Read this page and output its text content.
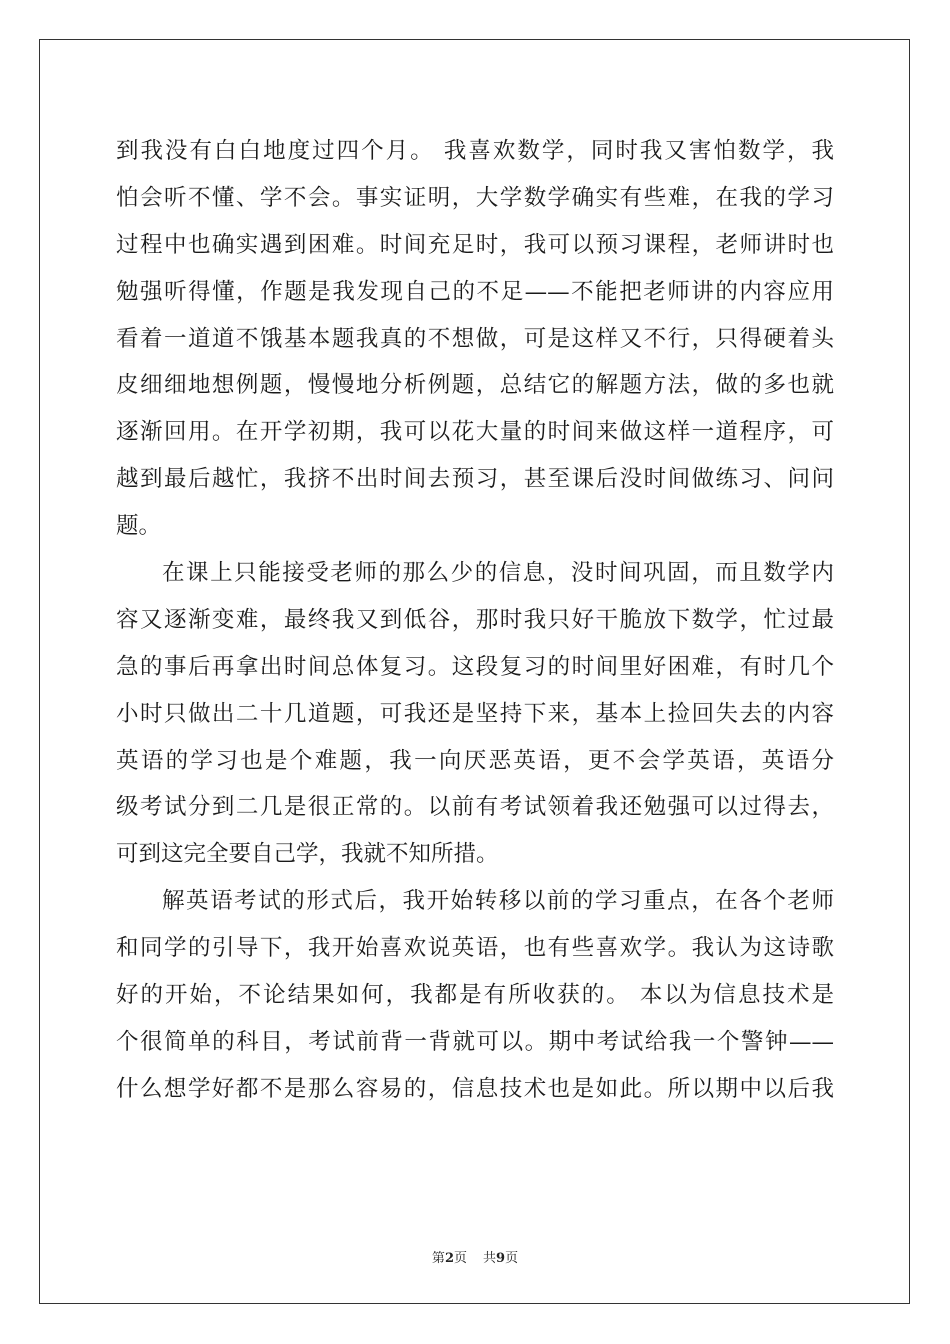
到我没有白白地度过四个月。 我喜欢数学，同时我又害怕数学，我
怕会听不懂、学不会。事实证明，大学数学确实有些难，在我的学习
过程中也确实遇到困难。时间充足时，我可以预习课程，老师讲时也
勉强听得懂，作题是我发现自己的不足——不能把老师讲的内容应用
看着一道道不饿基本题我真的不想做，可是这样又不行，只得硬着头
皮细细地想例题，慢慢地分析例题，总结它的解题方法，做的多也就
逐渐回用。在开学初期，我可以花大量的时间来做这样一道程序，可
越到最后越忙，我挤不出时间去预习，甚至课后没时间做练习、问问
题。
在课上只能接受老师的那么少的信息，没时间巩固，而且数学内
容又逐渐变难，最终我又到低谷，那时我只好干脆放下数学，忙过最
急的事后再拿出时间总体复习。这段复习的时间里好困难，有时几个
小时只做出二十几道题，可我还是坚持下来，基本上捡回失去的内容
英语的学习也是个难题，我一向厌恶英语，更不会学英语，英语分
级考试分到二几是很正常的。以前有考试领着我还勉强可以过得去，
可到这完全要自己学，我就不知所措。
解英语考试的形式后，我开始转移以前的学习重点，在各个老师
和同学的引导下，我开始喜欢说英语，也有些喜欢学。我认为这诗歌
好的开始，不论结果如何，我都是有所收获的。 本以为信息技术是
个很简单的科目，考试前背一背就可以。期中考试给我一个警钟——
什么想学好都不是那么容易的，信息技术也是如此。所以期中以后我
第2页 共9页
